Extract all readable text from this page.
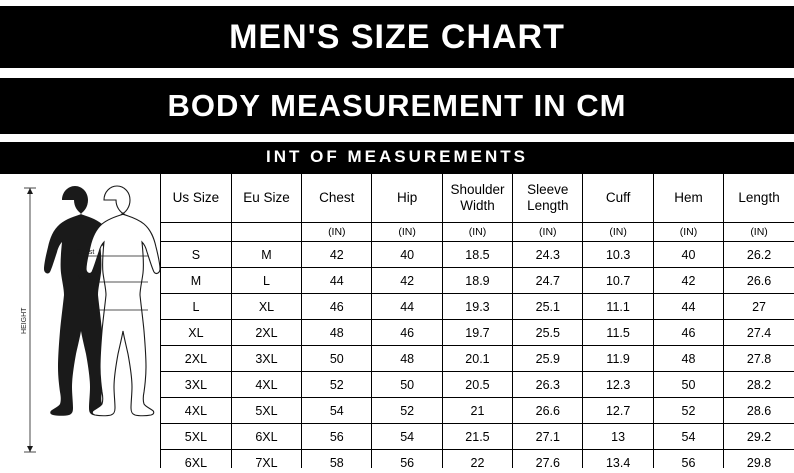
MEN'S SIZE CHART
BODY MEASUREMENT IN CM
INT OF MEASUREMENTS
Chest
Waist
Hip
HEIGHT
Us Size	Eu Size	Chest	Hip	Shoulder Width	Sleeve Length	Cuff	Hem	Length
		(IN)	(IN)	(IN)	(IN)	(IN)	(IN)	(IN)
S	M	42	40	18.5	24.3	10.3	40	26.2
M	L	44	42	18.9	24.7	10.7	42	26.6
L	XL	46	44	19.3	25.1	11.1	44	27
XL	2XL	48	46	19.7	25.5	11.5	46	27.4
2XL	3XL	50	48	20.1	25.9	11.9	48	27.8
3XL	4XL	52	50	20.5	26.3	12.3	50	28.2
4XL	5XL	54	52	21	26.6	12.7	52	28.6
5XL	6XL	56	54	21.5	27.1	13	54	29.2
6XL	7XL	58	56	22	27.6	13.4	56	29.8
